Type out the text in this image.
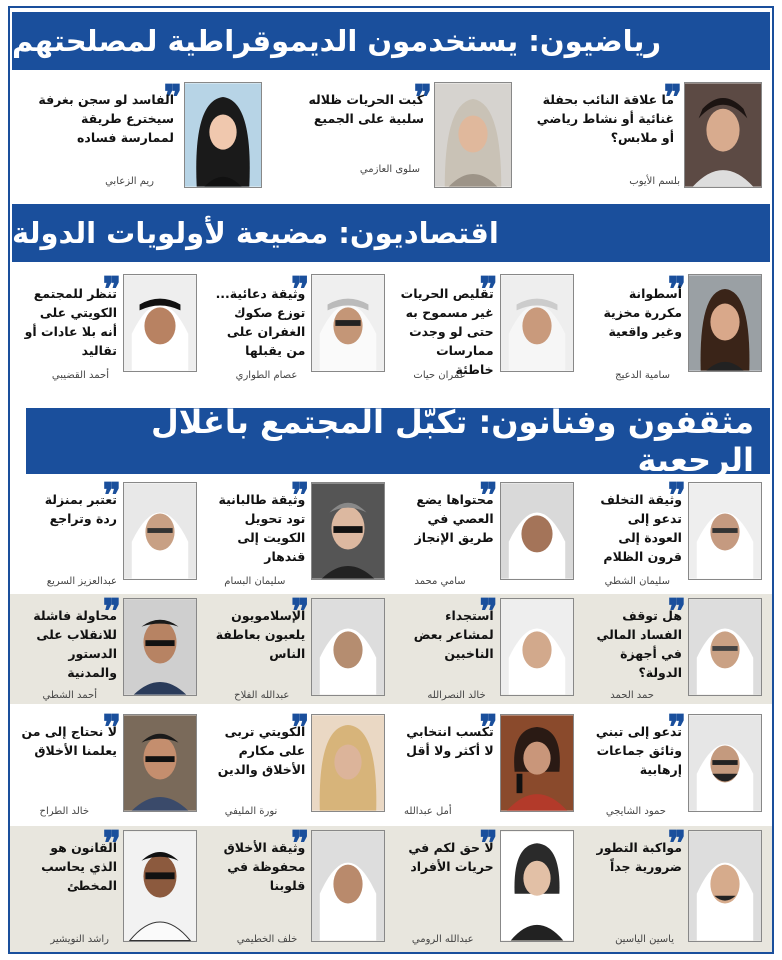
رياضيون: يستخدمون الديموقراطية لمصلحتهم
❞
ما علاقة النائب بحفلة غنائية أو نشاط رياضي أو ملابس؟
بلسم الأيوب
❞
كبت الحريات ظلاله سلبية على الجميع
سلوى العازمي
❞
الفاسد لو سجن بغرفة سيخترع طريقة لممارسة فساده
ريم الزعابي
اقتصاديون: مضيعة لأولويات الدولة
❞
أسطوانة مكررة مخزية وغير واقعية
سامية الدعيج
❞
تقليص الحريات غير مسموح به حتى لو وجدت ممارسات خاطئة
عمران حيات
❞
وثيقة دعائية... توزع صكوك الغفران على من يقبلها
عصام الطواري
❞
تنظر للمجتمع الكويتي على أنه بلا عادات أو تقاليد
أحمد القضيبي
مثقفون وفنانون: تكبّل المجتمع بأغلال الرجعية
❞
وثيقة التخلف تدعو إلى العودة إلى قرون الظلام
سليمان الشطي
❞
محتواها يضع العصي في طريق الإنجاز
سامي محمد
❞
وثيقة طالبانية تود تحويل الكويت إلى قندهار
سليمان البسام
❞
تعتبر بمنزلة ردة وتراجع
عبدالعزيز السريع
❞
هل توقف الفساد المالي في أجهزة الدولة؟
حمد الحمد
❞
استجداء لمشاعر بعض الناخبين
خالد النصرالله
❞
الإسلامويون يلعبون بعاطفة الناس
عبدالله الفلاح
❞
محاولة فاشلة للانقلاب على الدستور والمدنية
أحمد الشطي
❞
تدعو إلى تبني وثائق جماعات إرهابية
حمود الشايجي
❞
تكسب انتخابي لا أكثر ولا أقل
أمل عبدالله
❞
الكويتي تربى على مكارم الأخلاق والدين
نورة المليفي
❞
لا نحتاج إلى من يعلمنا الأخلاق
خالد الطراح
❞
مواكبة التطور ضرورية جداً
ياسين الياسين
❞
لا حق لكم في حريات الأفراد
عبدالله الرومي
❞
وثيقة الأخلاق محفوظة في قلوبنا
خلف الخطيمي
❞
القانون هو الذي يحاسب المخطئ
راشد النويشير
